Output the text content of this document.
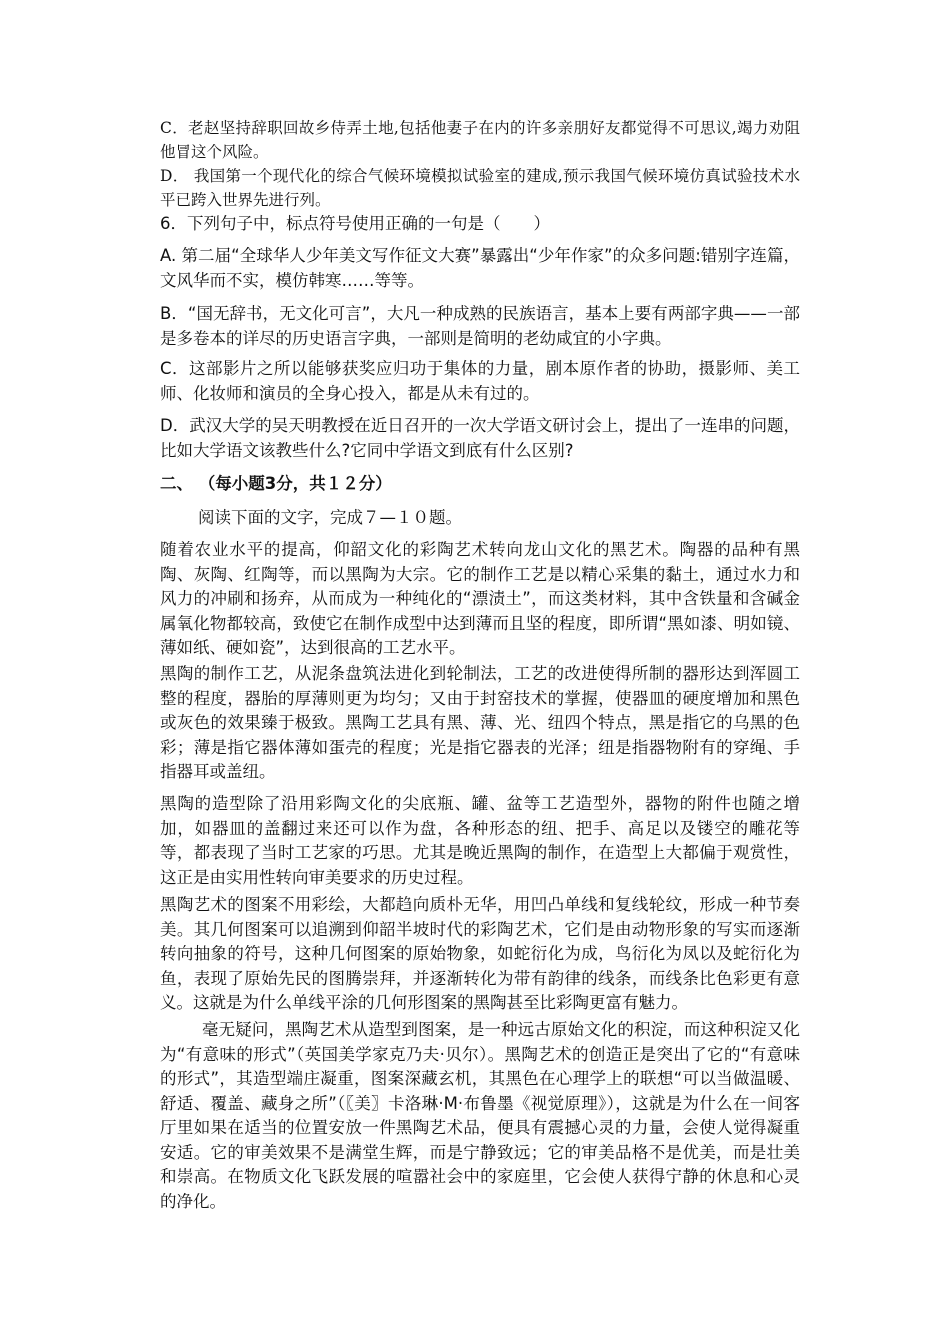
C．老赵坚持辞职回故乡侍弄土地,包括他妻子在内的许多亲朋好友都觉得不可思议,竭力劝阻他冒这个风险。

D． 我国第一个现代化的综合气候环境模拟试验室的建成,预示我国气候环境仿真试验技术水平已跨入世界先进行列。

6．下列句子中，标点符号使用正确的一句是（　　）

A. 第二届“全球华人少年美文写作征文大赛”暴露出“少年作家”的众多问题:错别字连篇，文风华而不实，模仿韩寒……等等。

B．“国无辞书，无文化可言”，大凡一种成熟的民族语言，基本上要有两部字典——一部是多卷本的详尽的历史语言字典，一部则是简明的老幼咸宜的小字典。

C．这部影片之所以能够获奖应归功于集体的力量，剧本原作者的协助，摄影师、美工师、化妆师和演员的全身心投入，都是从未有过的。

D．武汉大学的吴天明教授在近日召开的一次大学语文研讨会上，提出了一连串的问题，比如大学语文该教些什么?它同中学语文到底有什么区别?

二、 （每小题3分，共１２分）

阅读下面的文字，完成７—１０题。

随着农业水平的提高，仰韶文化的彩陶艺术转向龙山文化的黑艺术。陶器的品种有黑陶、灰陶、红陶等，而以黑陶为大宗。它的制作工艺是以精心采集的黏土，通过水力和风力的冲刷和扬弃，从而成为一种纯化的“漂渍土”，而这类材料，其中含铁量和含碱金属氧化物都较高，致使它在制作成型中达到薄而且坚的程度，即所谓“黑如漆、明如镜、薄如纸、硬如瓷”，达到很高的工艺水平。

黑陶的制作工艺，从泥条盘筑法进化到轮制法，工艺的改进使得所制的器形达到浑圆工整的程度，器胎的厚薄则更为均匀；又由于封窑技术的掌握，使器皿的硬度增加和黑色或灰色的效果臻于极致。黑陶工艺具有黑、薄、光、纽四个特点，黑是指它的乌黑的色彩；薄是指它器体薄如蛋壳的程度；光是指它器表的光泽；纽是指器物附有的穿绳、手指器耳或盖纽。

黑陶的造型除了沿用彩陶文化的尖底瓶、罐、盆等工艺造型外，器物的附件也随之增加，如器皿的盖翻过来还可以作为盘，各种形态的纽、把手、高足以及镂空的雕花等等，都表现了当时工艺家的巧思。尤其是晚近黑陶的制作，在造型上大都偏于观赏性，这正是由实用性转向审美要求的历史过程。

黑陶艺术的图案不用彩绘，大都趋向质朴无华，用凹凸单线和复线轮纹，形成一种节奏美。其几何图案可以追溯到仰韶半坡时代的彩陶艺术，它们是由动物形象的写实而逐渐转向抽象的符号，这种几何图案的原始物象，如蛇衍化为成，鸟衍化为凤以及蛇衍化为鱼，表现了原始先民的图腾崇拜，并逐渐转化为带有韵律的线条，而线条比色彩更有意义。这就是为什么单线平涂的几何形图案的黑陶甚至比彩陶更富有魅力。

毫无疑问，黑陶艺术从造型到图案，是一种远古原始文化的积淀，而这种积淀又化为“有意味的形式”（英国美学家克乃夫·贝尔）。黑陶艺术的创造正是突出了它的“有意味的形式”，其造型端庄凝重，图案深藏玄机，其黑色在心理学上的联想“可以当做温暖、舒适、覆盖、藏身之所”（〖美〗卡洛琳·M·布鲁墨《视觉原理》），这就是为什么在一间客厅里如果在适当的位置安放一件黑陶艺术品，便具有震撼心灵的力量，会使人觉得凝重安适。它的审美效果不是满堂生辉，而是宁静致远；它的审美品格不是优美，而是壮美和崇高。在物质文化飞跃发展的喧嚣社会中的家庭里，它会使人获得宁静的休息和心灵的净化。
